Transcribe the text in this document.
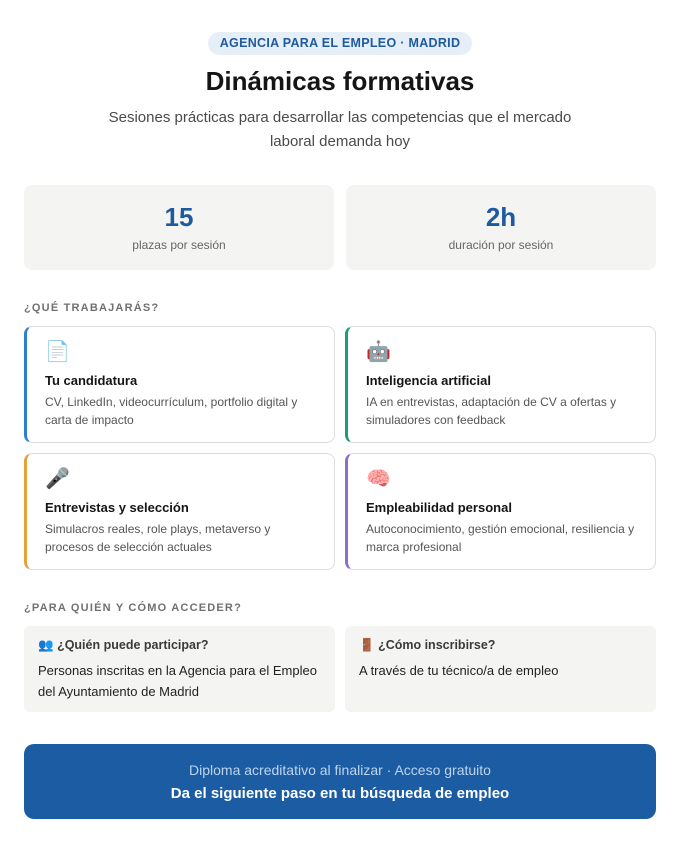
AGENCIA PARA EL EMPLEO · MADRID
Dinámicas formativas

Sesiones prácticas para desarrollar las competencias que el mercado laboral demanda hoy

15
plazas por sesión
2h
duración por sesión
¿QUÉ TRABAJARÁS?
📄
Tu candidatura
CV, LinkedIn, videocurrículum, portfolio digital y carta de impacto
🤖
Inteligencia artificial
IA en entrevistas, adaptación de CV a ofertas y simuladores con feedback
🎤
Entrevistas y selección
Simulacros reales, role plays, metaverso y procesos de selección actuales
🧠
Empleabilidad personal
Autoconocimiento, gestión emocional, resiliencia y marca profesional
¿PARA QUIÉN Y CÓMO ACCEDER?
👥 ¿Quién puede participar?
Personas inscritas en la Agencia para el Empleo del Ayuntamiento de Madrid
🚪 ¿Cómo inscribirse?
A través de tu técnico/a de empleo
Diploma acreditativo al finalizar · Acceso gratuito
Da el siguiente paso en tu búsqueda de empleo
